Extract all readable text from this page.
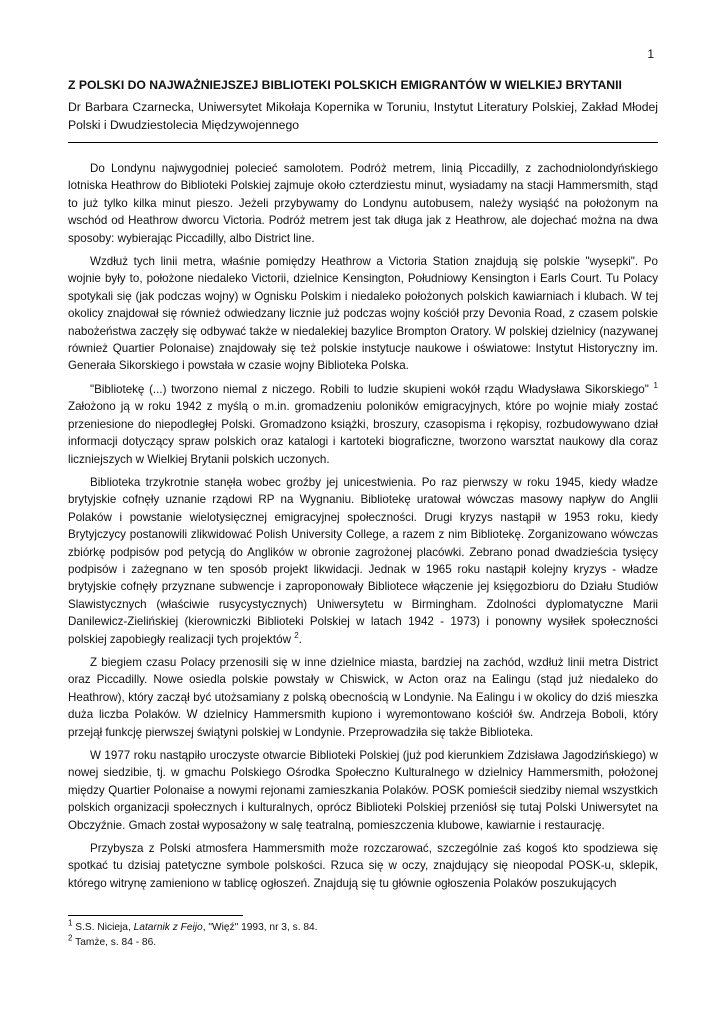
1
Z POLSKI DO NAJWAŻNIEJSZEJ BIBLIOTEKI POLSKICH EMIGRANTÓW W WIELKIEJ BRYTANII
Dr Barbara Czarnecka, Uniwersytet Mikołaja Kopernika w Toruniu, Instytut Literatury Polskiej, Zakład Młodej Polski i Dwudziestolecia Międzywojennego

Do Londynu najwygodniej polecieć samolotem. Podróż metrem, linią Piccadilly, z zachodniolondyńskiego lotniska Heathrow do Biblioteki Polskiej zajmuje około czterdziestu minut, wysiadamy na stacji Hammersmith, stąd to już tylko kilka minut pieszo. Jeżeli przybywamy do Londynu autobusem, należy wysiąść na położonym na wschód od Heathrow dworcu Victoria. Podróż metrem jest tak długa jak z Heathrow, ale dojechać można na dwa sposoby: wybierając Piccadilly, albo District line.

Wzdłuż tych linii metra, właśnie pomiędzy Heathrow a Victoria Station znajdują się polskie "wysepki". Po wojnie były to, położone niedaleko Victorii, dzielnice Kensington, Południowy Kensington i Earls Court. Tu Polacy spotykali się (jak podczas wojny) w Ognisku Polskim i niedaleko położonych polskich kawiarniach i klubach. W tej okolicy znajdował się również odwiedzany licznie już podczas wojny kościół przy Devonia Road, z czasem polskie nabożeństwa zaczęły się odbywać także w niedalekiej bazylice Brompton Oratory. W polskiej dzielnicy (nazywanej również Quartier Polonaise) znajdowały się też polskie instytucje naukowe i oświatowe: Instytut Historyczny im. Generała Sikorskiego i powstała w czasie wojny Biblioteka Polska.

"Bibliotekę (...) tworzono niemal z niczego. Robili to ludzie skupieni wokół rządu Władysława Sikorskiego" $^1$ Założono ją w roku 1942 z myślą o m.in. gromadzeniu poloników emigracyjnych, które po wojnie miały zostać przeniesione do niepodległej Polski. Gromadzono książki, broszury, czasopisma i rękopisy, rozbudowywano dział informacji dotyczący spraw polskich oraz katalogi i kartoteki biograficzne, tworzono warsztat naukowy dla coraz liczniejszych w Wielkiej Brytanii polskich uczonych.

Biblioteka trzykrotnie stanęła wobec groźby jej unicestwienia. Po raz pierwszy w roku 1945, kiedy władze brytyjskie cofnęły uznanie rządowi RP na Wygnaniu. Bibliotekę uratował wówczas masowy napływ do Anglii Polaków i powstanie wielotysięcznej emigracyjnej społeczności. Drugi kryzys nastąpił w 1953 roku, kiedy Brytyjczycy postanowili zlikwidować Polish University College, a razem z nim Bibliotekę. Zorganizowano wówczas zbiórkę podpisów pod petycją do Anglików w obronie zagrożonej placówki. Zebrano ponad dwadzieścia tysięcy podpisów i zażegnano w ten sposób projekt likwidacji. Jednak w 1965 roku nastąpił kolejny kryzys - władze brytyjskie cofnęły przyznane subwencje i zaproponowały Bibliotece włączenie jej księgozbioru do Działu Studiów Slawistycznych (właściwie rusycystycznych) Uniwersytetu w Birmingham. Zdolności dyplomatyczne Marii Danilewicz-Zielińskiej (kierowniczki Biblioteki Polskiej w latach 1942 - 1973) i ponowny wysiłek społeczności polskiej zapobiegły realizacji tych projektów $^2$.

Z biegiem czasu Polacy przenosili się w inne dzielnice miasta, bardziej na zachód, wzdłuż linii metra District oraz Piccadilly. Nowe osiedla polskie powstały w Chiswick, w Acton oraz na Ealingu (stąd już niedaleko do Heathrow), który zaczął być utożsamiany z polską obecnością w Londynie. Na Ealingu i w okolicy do dziś mieszka duża liczba Polaków. W dzielnicy Hammersmith kupiono i wyremontowano kościół św. Andrzeja Boboli, który przejął funkcję pierwszej świątyni polskiej w Londynie. Przeprowadziła się także Biblioteka.

W 1977 roku nastąpiło uroczyste otwarcie Biblioteki Polskiej (już pod kierunkiem Zdzisława Jagodzińskiego) w nowej siedzibie, tj. w gmachu Polskiego Ośrodka Społeczno Kulturalnego w dzielnicy Hammersmith, położonej między Quartier Polonaise a nowymi rejonami zamieszkania Polaków. POSK pomieścił siedziby niemal wszystkich polskich organizacji społecznych i kulturalnych, oprócz Biblioteki Polskiej przeniósł się tutaj Polski Uniwersytet na Obczyźnie. Gmach został wyposażony w salę teatralną, pomieszczenia klubowe, kawiarnie i restaurację.

Przybysza z Polski atmosfera Hammersmith może rozczarować, szczególnie zaś kogoś kto spodziewa się spotkać tu dzisiaj patetyczne symbole polskości. Rzuca się w oczy, znajdujący się nieopodal POSK-u, sklepik, którego witrynę zamieniono w tablicę ogłoszeń. Znajdują się tu głównie ogłoszenia Polaków poszukujących

$^1$ S.S. Nicieja, Latarnik z Feijo, "Więź" 1993, nr 3, s. 84.
$^2$ Tamże, s. 84 - 86.
